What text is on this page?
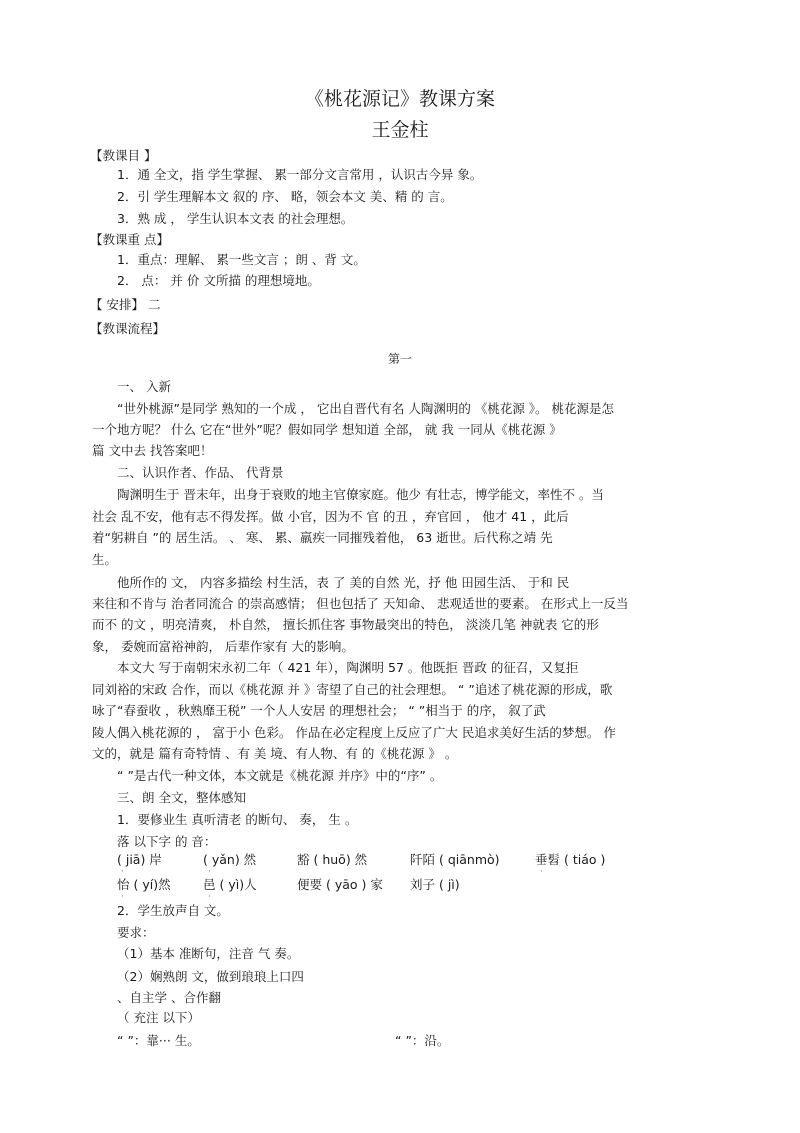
《桃花源记》教课方案
王金柱
【教课目 】
1．通 全文，指 学生掌握、 累一部分文言常用 ，认识古今异 象。
2．引 学生理解本文 叙的 序、 略，领会本文 美、精 的 言。
3．熟 成 ， 学生认识本文表 的社会理想。
【教课重 点】
1．重点：理解、 累一些文言 ；朗 、背 文。
2． 点： 并 价 文所描 的理想境地。
【 安排】 二
【教课流程】
第一
一、 入新
“世外桃源”是同学 熟知的一个成 ， 它出自晋代有名 人陶渊明的 《桃花源 》。 桃花源是怎
一个地方呢？ 什么 它在“世外”呢？假如同学 想知道 全部， 就 我 一同从《桃花源 》
篇 文中去 找答案吧！
二、认识作者、作品、 代背景
陶渊明生于 晋末年，出身于衰败的地主官僚家庭。他少 有壮志，博学能文，率性不 。当
社会 乱不安，他有志不得发挥。做 小官，因为不 官 的丑 ，弃官回 ， 他才 41 ，此后
着“躬耕自 ”的 居生活。 、 寒、 累、羸疾一同摧残着他， 63 逝世。后代称之靖 先
生。
他所作的 文， 内容多描绘 村生活，表 了 美的自然 光，抒 他 田园生活、 于和 民
来往和不肯与 治者同流合 的崇高感情； 但也包括了 天知命、 悲观适世的要素。 在形式上一反当
而不 的文 ，明亮清爽， 朴自然， 擅长抓住客 事物最突出的特色， 淡淡几笔 神就表 它的形
象， 委婉而富裕神韵， 后辈作家有 大的影响。
本文大 写于南朝宋永初二年（ 421 年），陶渊明 57 。他既拒 晋政 的征召，又复拒
同刘裕的宋政 合作，而以《桃花源 并 》寄望了自己的社会理想。 “ ”追述了桃花源的形成，歌
咏了“春蚕收 ，秋熟靡王税” 一个人人安居 的理想社会； “ ”相当于 的序， 叙了武
陵人偶入桃花源的 ， 富于小 色彩。 作品在必定程度上反应了广大 民追求美好生活的梦想。 作
文的，就是 篇有奇特情 、有 美 境、有人物、有 的《桃花源 》 。
“ ”是古代一种文体，本文就是《桃花源 并序》中的“序” 。
三、朗 全文，整体感知
1．要修业生 真听清老 的断句、 奏， 生 。
落 以下字 的 音：
( jiā) 岸	( yǎn) 然	豁 ( huō) 然	阡陌 ( qiānmò)	垂髫 ( tiáo )
·	·	·
怡 ( yí)然	邑 ( yì)人	便要 ( yāo ) 家 刘子 ( jì)
·	·
2．学生放声自 文。
要求：
（1）基本 准断句，注音 气 奏。
（2）娴熟朗 文，做到琅琅上口四
、自主学 、合作翻
（ 充注 以下）
“ ”：靠··· 生。	“ ”：沿。
